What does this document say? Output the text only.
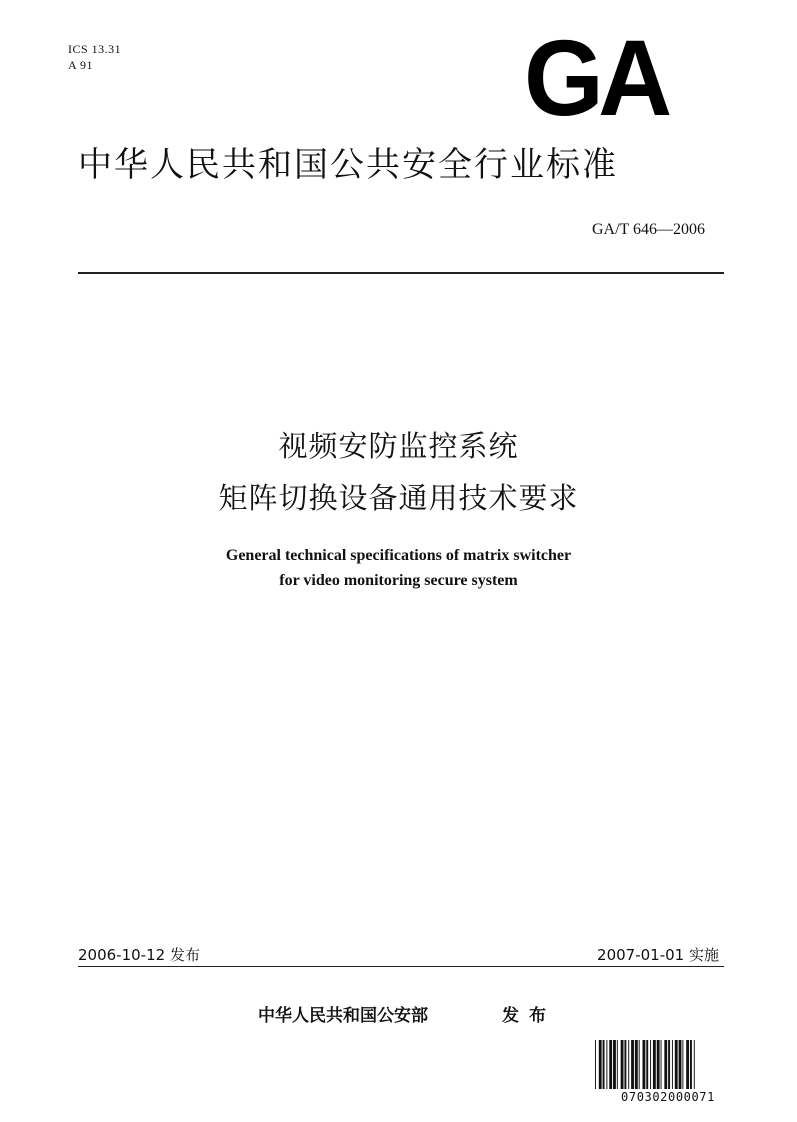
ICS 13.31
A 91	GA
中华人民共和国公共安全行业标准
GA/T 646—2006
视频安防监控系统
矩阵切换设备通用技术要求
General technical specifications of matrix switcher
for video monitoring secure system
2006-10-12 发布	2007-01-01 实施
中华人民共和国公安部	发布
070302000071
